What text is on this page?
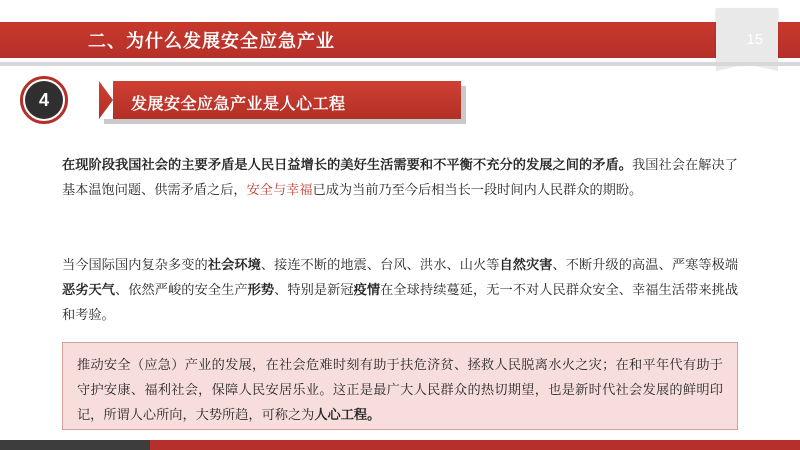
15
二、为什么发展安全应急产业
4	发展安全应急产业是人心工程
在现阶段我国社会的主要矛盾是人民日益增长的美好生活需要和不平衡不充分的发展之间的矛盾。我国社会在解决了基本温饱问题、供需矛盾之后，安全与幸福已成为当前乃至今后相当长一段时间内人民群众的期盼。
当今国际国内复杂多变的社会环境、接连不断的地震、台风、洪水、山火等自然灾害、不断升级的高温、严寒等极端恶劣天气、依然严峻的安全生产形势、特别是新冠疫情在全球持续蔓延，无一不对人民群众安全、幸福生活带来挑战和考验。
推动安全（应急）产业的发展，在社会危难时刻有助于扶危济贫、拯救人民脱离水火之灾；在和平年代有助于守护安康、福利社会，保障人民安居乐业。这正是最广大人民群众的热切期望，也是新时代社会发展的鲜明印记，所谓人心所向，大势所趋，可称之为人心工程。
